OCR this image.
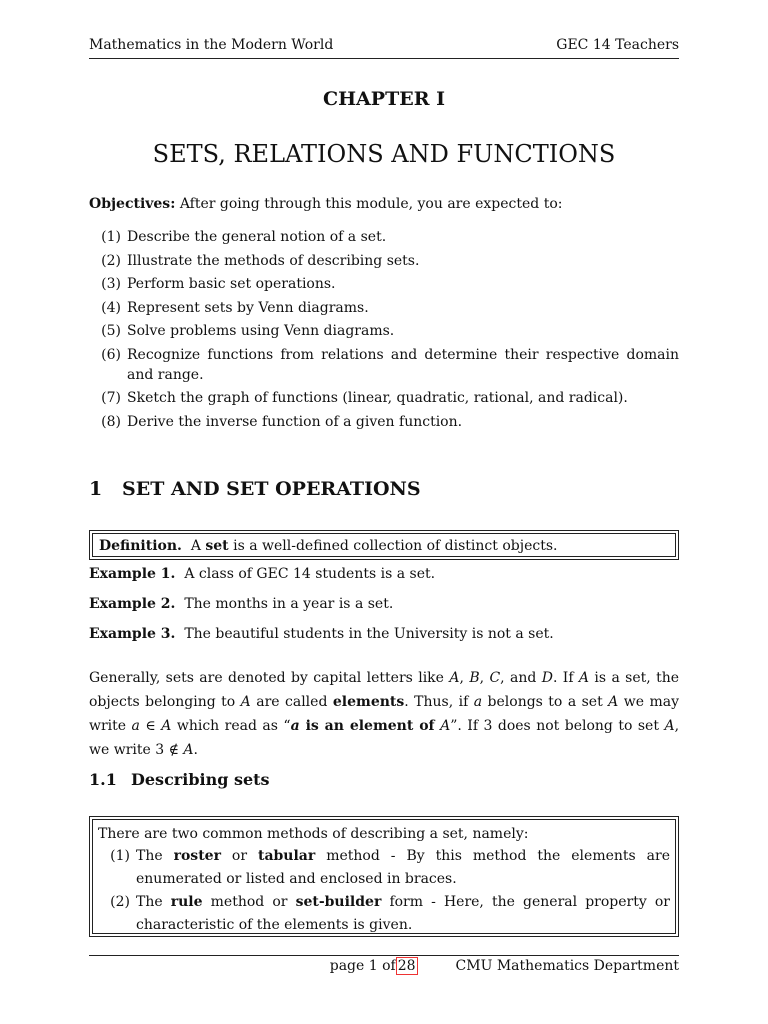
Mathematics in the Modern World	GEC 14 Teachers
CHAPTER I
SETS, RELATIONS AND FUNCTIONS
Objectives: After going through this module, you are expected to:
(1) Describe the general notion of a set.
(2) Illustrate the methods of describing sets.
(3) Perform basic set operations.
(4) Represent sets by Venn diagrams.
(5) Solve problems using Venn diagrams.
(6) Recognize functions from relations and determine their respective domain and range.
(7) Sketch the graph of functions (linear, quadratic, rational, and radical).
(8) Derive the inverse function of a given function.
1 SET AND SET OPERATIONS
Definition. A set is a well-defined collection of distinct objects.
Example 1. A class of GEC 14 students is a set.
Example 2. The months in a year is a set.
Example 3. The beautiful students in the University is not a set.
Generally, sets are denoted by capital letters like A, B, C, and D. If A is a set, the objects belonging to A are called elements. Thus, if a belongs to a set A we may write a ∈ A which read as “a is an element of A”. If 3 does not belong to set A, we write 3 ∉ A.
1.1 Describing sets
There are two common methods of describing a set, namely:
(1) The roster or tabular method - By this method the elements are enumerated or listed and enclosed in braces.
(2) The rule method or set-builder form - Here, the general property or characteristic of the elements is given.
page 1 of 28	CMU Mathematics Department
